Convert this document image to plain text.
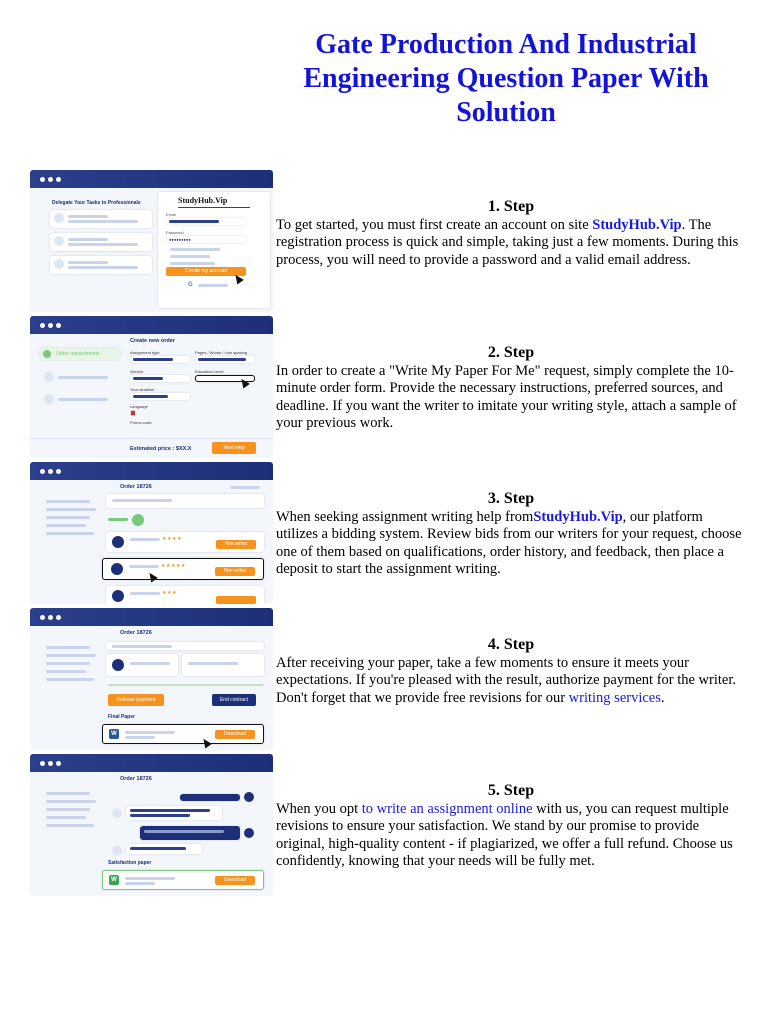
Gate Production And Industrial Engineering Question Paper With Solution
Delegate Your Tasks to Professionals	StudyHub.Vip
Email
Password
●●●●●●●●●
Create my account
G
1. Step
To get started, you must first create an account on site StudyHub.Vip. The registration process is quick and simple, taking just a few moments. During this process, you will need to provide a password and a valid email address.
Order requirements
Create new order
Assignment type	Pages / Words / Line spacing
Service	Education Level
Your deadline
Language
▆
Promo code
Estimated price : $XX.X	Next step
2. Step
In order to create a "Write My Paper For Me" request, simply complete the 10-minute order form. Provide the necessary instructions, preferred sources, and deadline. If you want the writer to imitate your writing style, attach a sample of your previous work.
Order 18726
★★★★
Hire writer
★★★★★
Hire writer
★★★
3. Step
When seeking assignment writing help fromStudyHub.Vip, our platform utilizes a bidding system. Review bids from our writers for your request, choose one of them based on qualifications, order history, and feedback, then place a deposit to start the assignment writing.
Order 18726
Release payment	End contract
Final Paper
W	Download
4. Step
After receiving your paper, take a few moments to ensure it meets your expectations. If you're pleased with the result, authorize payment for the writer. Don't forget that we provide free revisions for our writing services.
Order 18726
Satisfaction paper
W	Download
5. Step
When you opt to write an assignment online with us, you can request multiple revisions to ensure your satisfaction. We stand by our promise to provide original, high-quality content - if plagiarized, we offer a full refund. Choose us confidently, knowing that your needs will be fully met.
